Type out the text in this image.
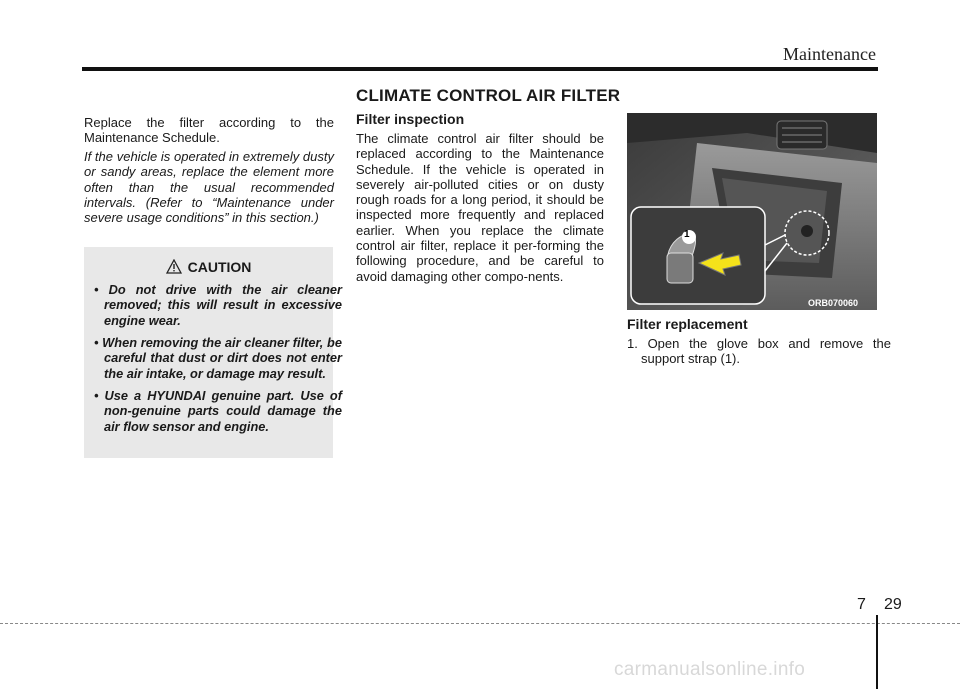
Maintenance
CLIMATE CONTROL AIR FILTER
Replace the filter according to the Maintenance Schedule.
If the vehicle is operated in extremely dusty or sandy areas, replace the element more often than the usual recommended intervals. (Refer to “Maintenance under severe usage conditions” in this section.)
CAUTION
• Do not drive with the air cleaner removed; this will result in excessive engine wear.
• When removing the air cleaner filter, be careful that dust or dirt does not enter the air intake, or damage may result.
• Use a HYUNDAI genuine part. Use of non-genuine parts could damage the air flow sensor and engine.
Filter inspection
The climate control air filter should be replaced according to the Maintenance Schedule. If the vehicle is operated in severely air-polluted cities or on dusty rough roads for a long period, it should be inspected more frequently and replaced earlier. When you replace the climate control air filter, replace it per-forming the following procedure, and be careful to avoid damaging other compo-nents.
1
ORB070060
Filter replacement
1. Open the glove box and remove the support strap (1).
7 29
carmanualsonline.info
